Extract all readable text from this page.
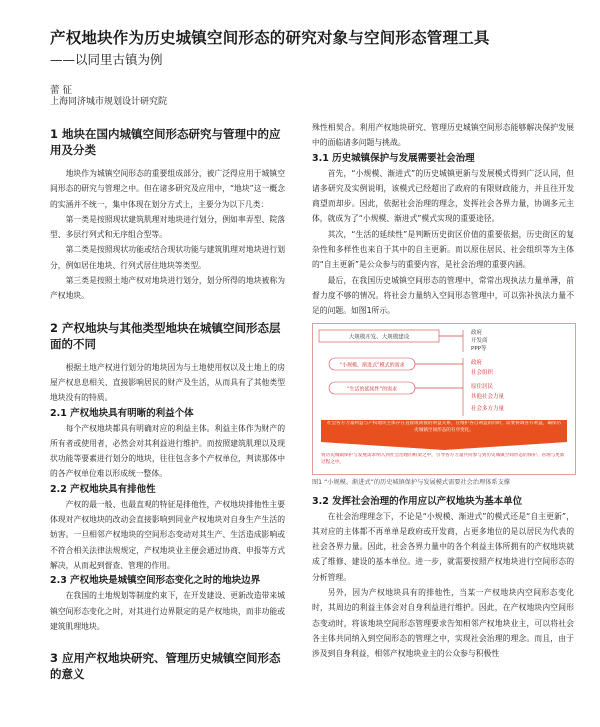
产权地块作为历史城镇空间形态的研究对象与空间形态管理工具
——以同里古镇为例
蕾 征
上海同济城市规划设计研究院
1 地块在国内城镇空间形态研究与管理中的应用及分类

地块作为城镇空间形态的重要组成部分，被广泛得应用于城镇空间形态的研究与管理之中。但在诸多研究及应用中，“地块”这一概念的实涵并不统一，集中体现在划分方式上，主要分为以下几类：

第一类是按照现状建筑肌理对地块进行划分，例如率弄型、院落型、多层行列式和无序组合型等。

第二类是按照现状功能或结合现状功能与建筑肌理对地块进行划分，例如居住地块、行列式居住地块等类型。

第三类是按照土地产权对地块进行划分，划分所得的地块被称为产权地块。

2 产权地块与其他类型地块在城镇空间形态层面的不同

根据土地产权进行划分的地块因为与土地使用权以及土地上的房屋产权息息相关、直接影响居民的财产及生活，从而具有了其他类型地块没有的特质。

2.1 产权地块具有明晰的利益个体

每个产权地块都具有明确对应的利益主体。利益主体作为财产的所有者或使用者，必然会对其利益进行维护。而按照建筑肌理以及现状功能等要素进行划分的地块，往往包含多个产权单位，判读那体中的各产权单位难以形成统一整体。

2.2 产权地块具有排他性

产权的最一般、也最直观的特征是排他性，产权地块排他性主要体现对产权地块的改动会直接影响到同业产权地块对自身生产生活的妨害。一旦相邻产权地块的空间形态变动对其生产、生活造成影响或不符合相关法律法规规定，产权地块业主便会通过协商、申报等方式解决，从而起到督查、管理的作用。

2.3 产权地块是城镇空间形态变化之时的地块边界

在我国的土地规划等制度约束下，在开发建设、更新改造带来城镇空间形态变化之时，对其进行边界限定的是产权地块，而非功能或建筑肌理地块。

3 应用产权地块研究、管理历史城镇空间形态的意义

殊性相契合。利用产权地块研究、管理历史城镇空间形态能够解决保护发展中的面临诸多问题与挑战。

3.1 历史城镇保护与发展需要社会治理

首先，“小规模、渐进式”的历史城镇更新与发展模式得到广泛认同，但诸多研究及实例说明，该模式已经超出了政府的有限财政能力，并且往开发商望而却步。因此，依据社会治理的理念，发挥社会各界力量，协调多元主体，就成为了“小规模、渐进式”模式实现的重要途径。

其次，“生活的延续性”是判断历史街区价值的重要依据，历史街区的复杂性和多样性也来自于其中的自主更新。而以原住居民、社会组织等为主体的“自主更新”是公众参与的重要内容，是社会治理的重要内涵。

最后，在我国历史城镇空间形态的管理中，常常出现执法力量单薄，前督力度不够的情况。将社会力量纳入空间形态管理中，可以弥补执法力量不足的问题。如图1所示。

大规模开发、大规模建设
政府
开发商
PPP等
“小规模、渐进式”模式的需求	政府
社会组织
“生活的延续性”的需求	原住居民
其他社会力量
社会多方力量
社会各方力量利益与产权地块主体存在直接或间接的利益关系，在维护各自利益的同时，需要协调各方利益，确保历史城镇空间形态的有序变化。
将历史城镇保护与发展需求纳入到社会治理的框架之中，引导各方力量共同参与到历史城镇空间形态的保护、管理与更新过程之中。
图1 “小规模、渐进式”的历史城镇保护与发展模式需要社会治理体系支撑
3.2 发挥社会治理的作用应以产权地块为基本单位

在社会治理理念下，不论是“小规模、渐进式”的模式还是“自主更新”，其对应的主体都不再单单是政府或开发商，占更多地位的是以居民为代表的社会各界力量。因此，社会各界力量中的各个利益主体所拥有的产权地块就成了维修、建设的基本单位。进一步，就需要按照产权地块进行空间形态的分析管理。

另外，因为产权地块具有的排他性，当某一产权地块内空间形态变化时，其周边的利益主体会对自身利益进行维护。因此，在产权地块内空间形态变动时，将该地块空间形态管理要求告知相邻产权地块业主，可以将社会各主体共同纳入到空间形态的管理之中，实现社会治理的理念。而且，由于涉及到自身利益，相邻产权地块业主的公众参与积极性
